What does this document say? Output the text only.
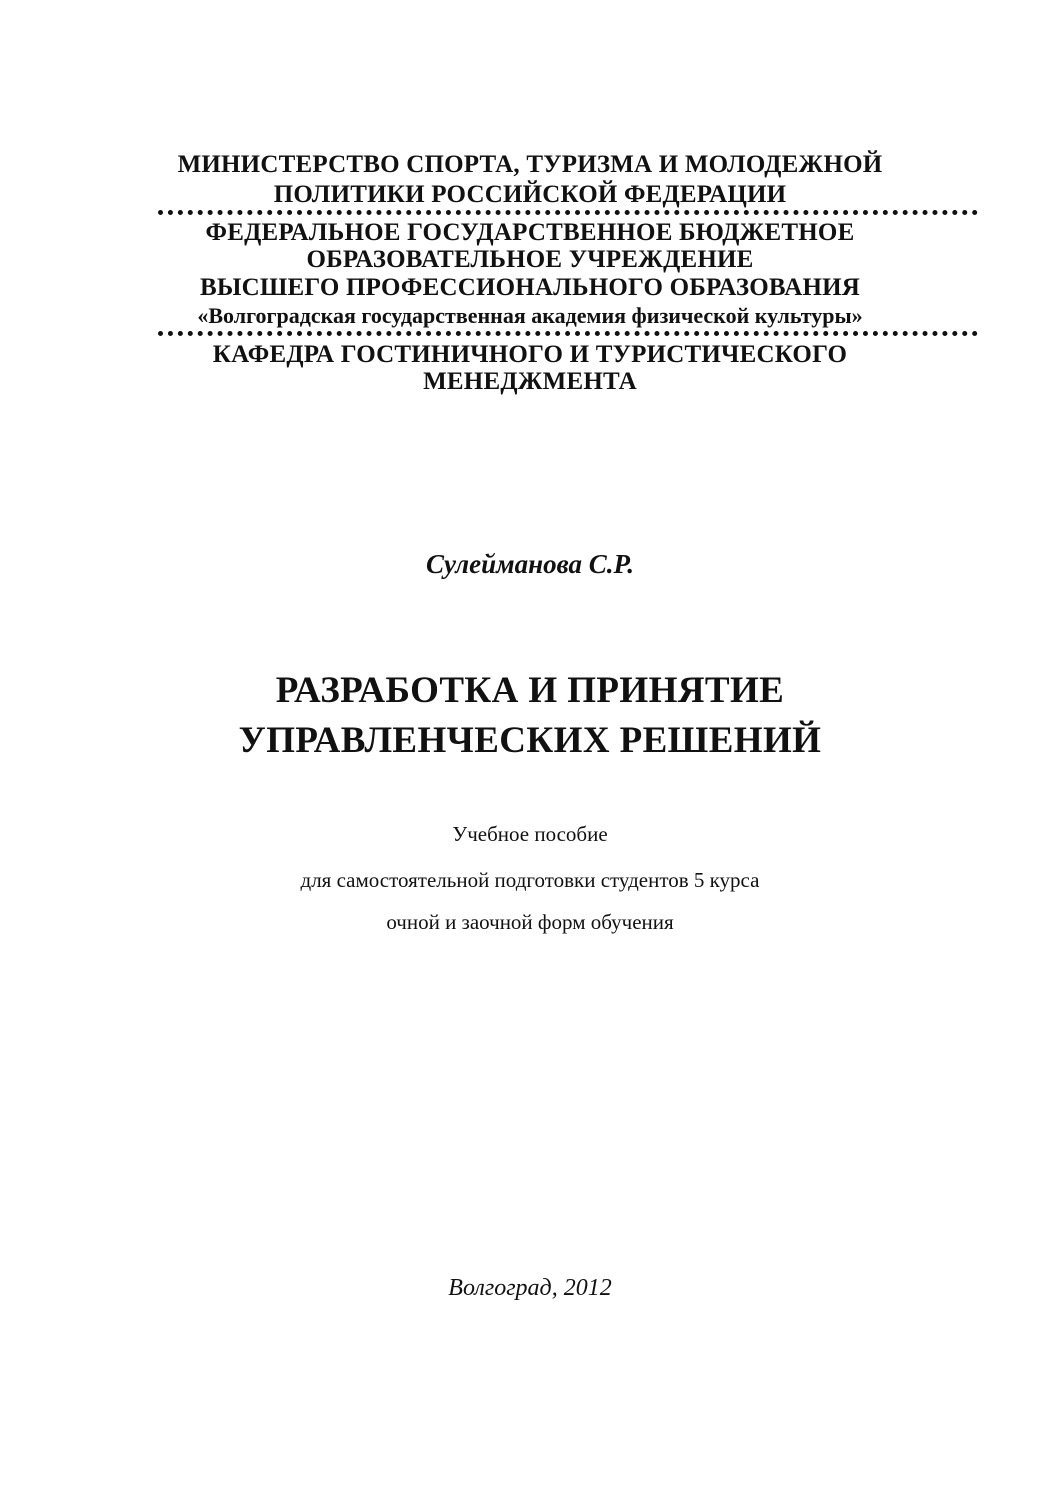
МИНИСТЕРСТВО СПОРТА, ТУРИЗМА И МОЛОДЕЖНОЙ
ПОЛИТИКИ РОССИЙСКОЙ ФЕДЕРАЦИИ
ФЕДЕРАЛЬНОЕ ГОСУДАРСТВЕННОЕ БЮДЖЕТНОЕ
ОБРАЗОВАТЕЛЬНОЕ УЧРЕЖДЕНИЕ
ВЫСШЕГО ПРОФЕССИОНАЛЬНОГО ОБРАЗОВАНИЯ
«Волгоградская государственная академия физической культуры»
КАФЕДРА ГОСТИНИЧНОГО И ТУРИСТИЧЕСКОГО
МЕНЕДЖМЕНТА
Сулейманова С.Р.
РАЗРАБОТКА И ПРИНЯТИЕ
УПРАВЛЕНЧЕСКИХ РЕШЕНИЙ
Учебное пособие
для самостоятельной подготовки студентов 5 курса
очной и заочной форм обучения
Волгоград, 2012
